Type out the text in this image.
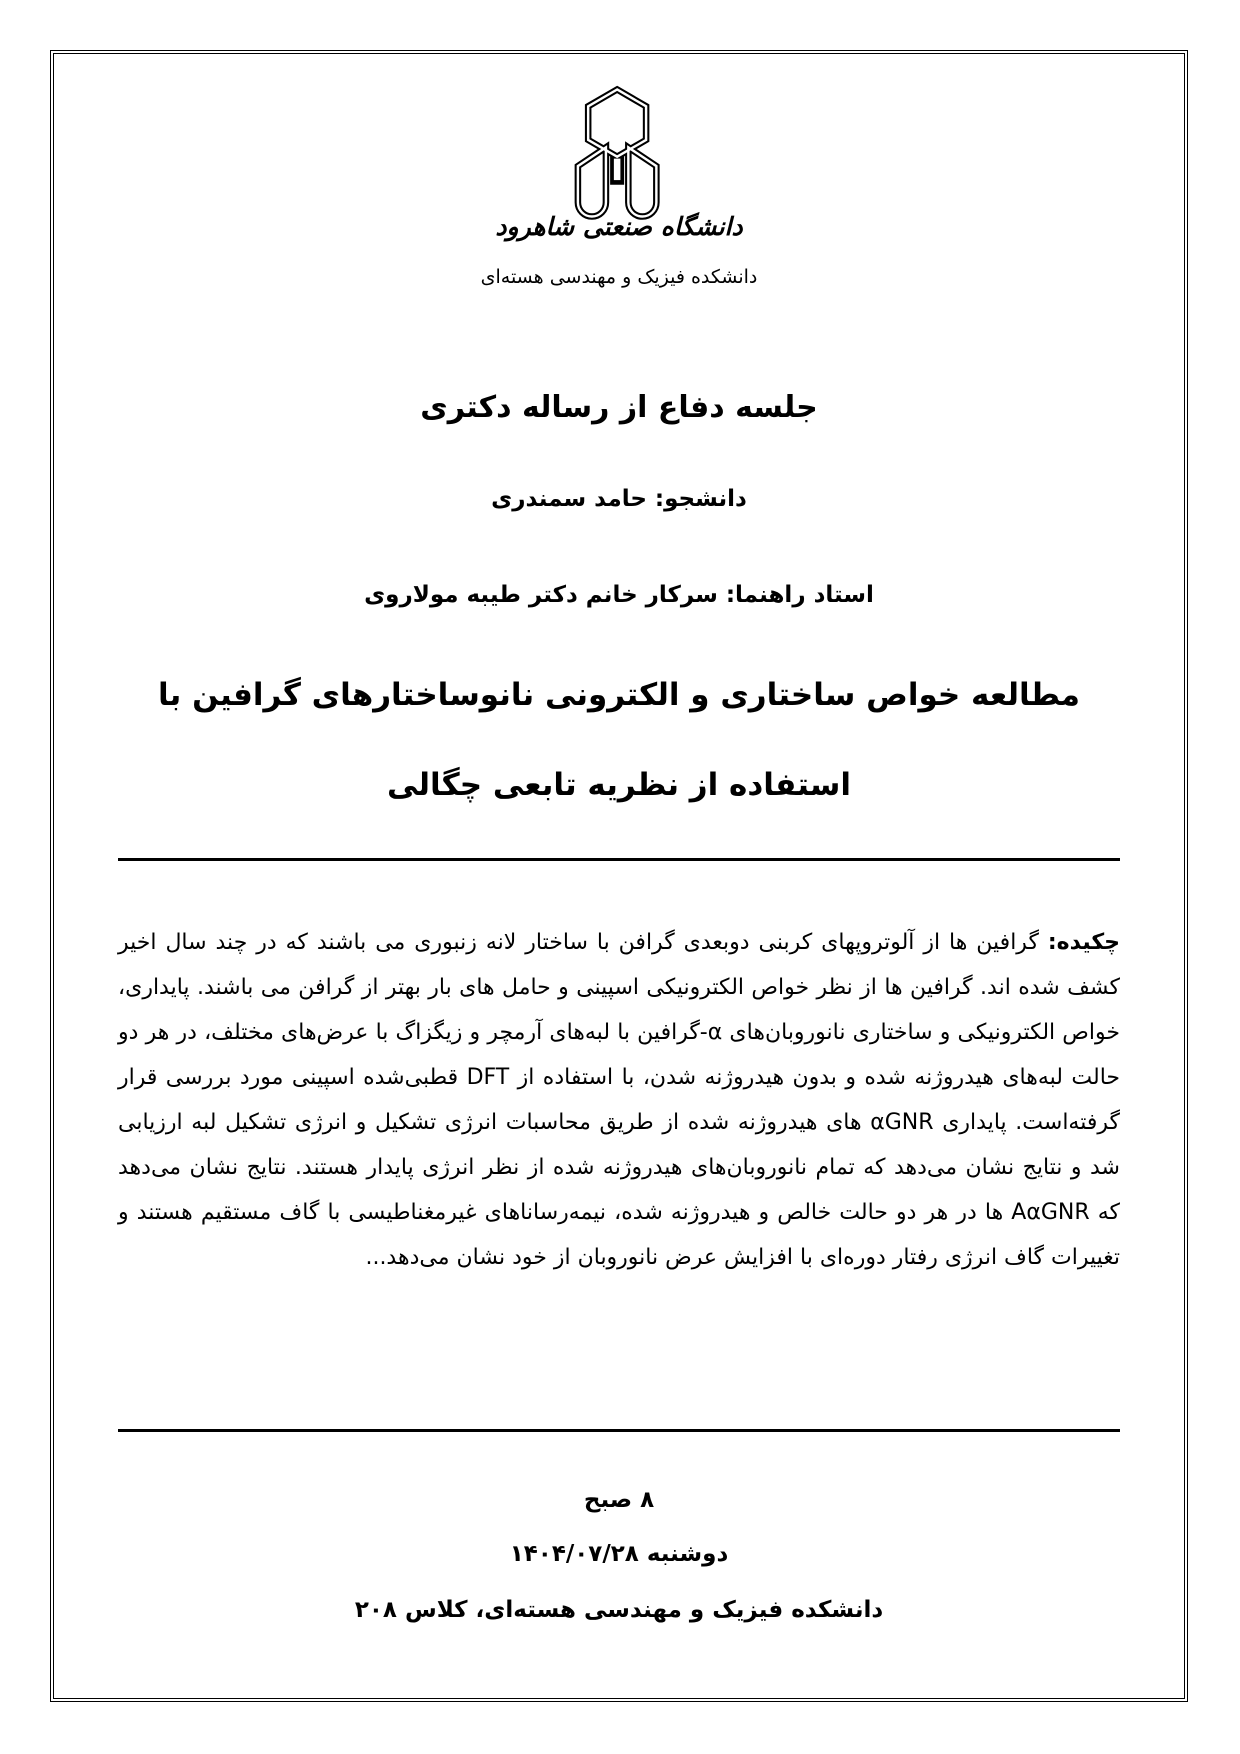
دانشگاه صنعتی شاهرود
دانشکده فیزیک و مهندسی هسته‌ای
جلسه دفاع از رساله دکتری
دانشجو: حامد سمندری
استاد راهنما: سرکار خانم دکتر طیبه مولاروی
مطالعه خواص ساختاری و الکترونی نانوساختارهای گرافین با استفاده از نظریه تابعی چگالی

چکیده: گرافین ها از آلوتروپهای کربنی دوبعدی گرافن با ساختار لانه زنبوری می باشند که در چند سال اخیر کشف شده اند. گرافین ها از نظر خواص الکترونیکی اسپینی و حامل های بار بهتر از گرافن می باشند. پایداری، خواص الکترونیکی و ساختاری نانوروبان‌های α-گرافین با لبه‌های آرمچر و زیگزاگ با عرض‌های مختلف، در هر دو حالت لبه‌های هیدروژنه شده و بدون هیدروژنه شدن، با استفاده از DFT قطبی‌شده اسپینی مورد بررسی قرار گرفته‌است. پایداری αGNR های هیدروژنه شده از طریق محاسبات انرژی تشکیل و انرژی تشکیل لبه ارزیابی شد و نتایج نشان می‌دهد که تمام نانوروبان‌های هیدروژنه شده از نظر انرژی پایدار هستند. نتایج نشان می‌دهد که AαGNR ها در هر دو حالت خالص و هیدروژنه شده، نیمه‌رساناهای غیرمغناطیسی با گاف مستقیم هستند و تغییرات گاف انرژی رفتار دوره‌ای با افزایش عرض نانوروبان از خود نشان می‌دهد...

۸ صبح
دوشنبه ۱۴۰۴/۰۷/۲۸
دانشکده فیزیک و مهندسی هسته‌ای، کلاس ۲۰۸
